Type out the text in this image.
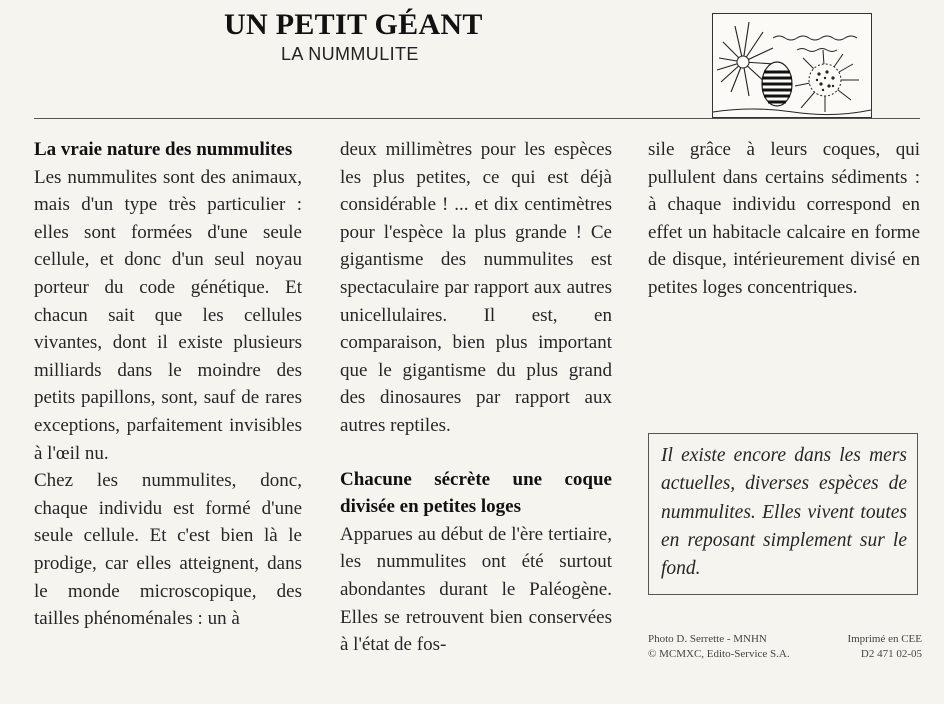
UN PETIT GÉANT
LA NUMMULITE

La vraie nature des nummulites

Les nummulites sont des animaux, mais d'un type très particulier : elles sont formées d'une seule cellule, et donc d'un seul noyau porteur du code génétique. Et chacun sait que les cellules vivantes, dont il existe plusieurs milliards dans le moindre des petits papillons, sont, sauf de rares exceptions, parfaitement invisibles à l'œil nu.

Chez les nummulites, donc, chaque individu est formé d'une seule cellule. Et c'est bien là le prodige, car elles atteignent, dans le monde microscopique, des tailles phénoménales : un à

deux millimètres pour les espèces les plus petites, ce qui est déjà considérable ! ... et dix centimètres pour l'espèce la plus grande ! Ce gigantisme des nummulites est spectaculaire par rapport aux autres unicellulaires. Il est, en comparaison, bien plus important que le gigantisme du plus grand des dinosaures par rapport aux autres reptiles.

Chacune sécrète une coque divisée en petites loges

Apparues au début de l'ère tertiaire, les nummulites ont été surtout abondantes durant le Paléogène. Elles se retrouvent bien conservées à l'état de fos-

sile grâce à leurs coques, qui pullulent dans certains sédiments : à chaque individu correspond en effet un habitacle calcaire en forme de disque, intérieurement divisé en petites loges concentriques.

Il existe encore dans les mers actuelles, diverses espèces de nummulites. Elles vivent toutes en reposant simplement sur le fond.
Photo D. Serrette - MNHN
© MCMXC, Edito-Service S.A.
Imprimé en CEE
D2 471 02-05
